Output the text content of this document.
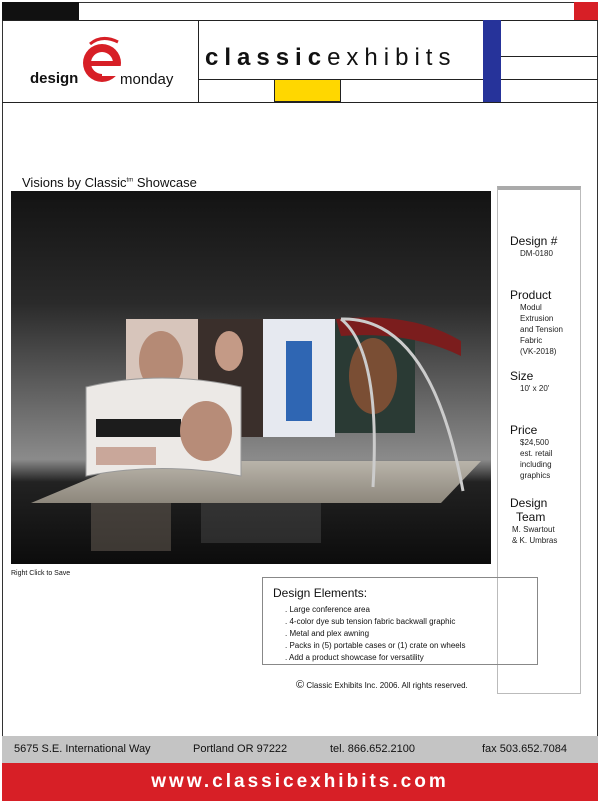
design	monday
classicexhibits
Visions by Classic$^{tm}$ Showcase
Right Click to Save
Design #
DM-0180
Product
Modul
Extrusion
and Tension
Fabric
(VK-2018)
Size
10' x 20'
Price
$24,500
est. retail
including
graphics
Design
Team
M. Swartout
& K. Umbras
Design Elements:
. Large conference area
. 4-color dye sub tension fabric backwall graphic
. Metal and plex awning
. Packs in (5) portable cases or (1) crate on wheels
. Add a product showcase for versatility
© Classic Exhibits Inc. 2006. All rights reserved.
5675 S.E. International Way	Portland OR 97222	tel. 866.652.2100	fax 503.652.7084
www.classicexhibits.com
